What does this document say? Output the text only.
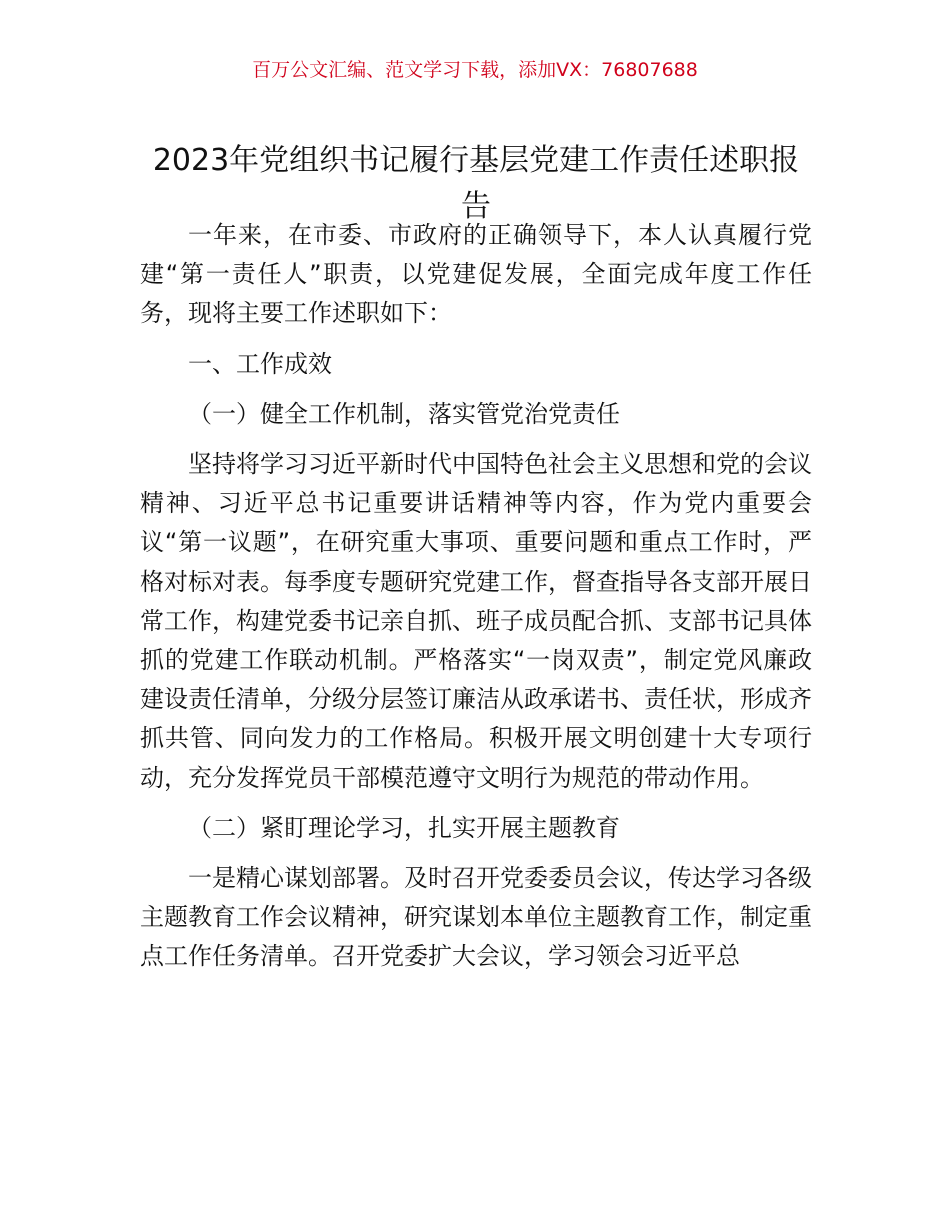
百万公文汇编、范文学习下载，添加VX：76807688
2023年党组织书记履行基层党建工作责任述职报告

一年来，在市委、市政府的正确领导下，本人认真履行党建“第一责任人”职责，以党建促发展，全面完成年度工作任务，现将主要工作述职如下：

一、工作成效

（一）健全工作机制，落实管党治党责任

坚持将学习习近平新时代中国特色社会主义思想和党的会议精神、习近平总书记重要讲话精神等内容，作为党内重要会议“第一议题”，在研究重大事项、重要问题和重点工作时，严格对标对表。每季度专题研究党建工作，督查指导各支部开展日常工作，构建党委书记亲自抓、班子成员配合抓、支部书记具体抓的党建工作联动机制。严格落实“一岗双责”，制定党风廉政建设责任清单，分级分层签订廉洁从政承诺书、责任状，形成齐抓共管、同向发力的工作格局。积极开展文明创建十大专项行动，充分发挥党员干部模范遵守文明行为规范的带动作用。

（二）紧盯理论学习，扎实开展主题教育

一是精心谋划部署。及时召开党委委员会议，传达学习各级主题教育工作会议精神，研究谋划本单位主题教育工作，制定重点工作任务清单。召开党委扩大会议，学习领会习近平总
